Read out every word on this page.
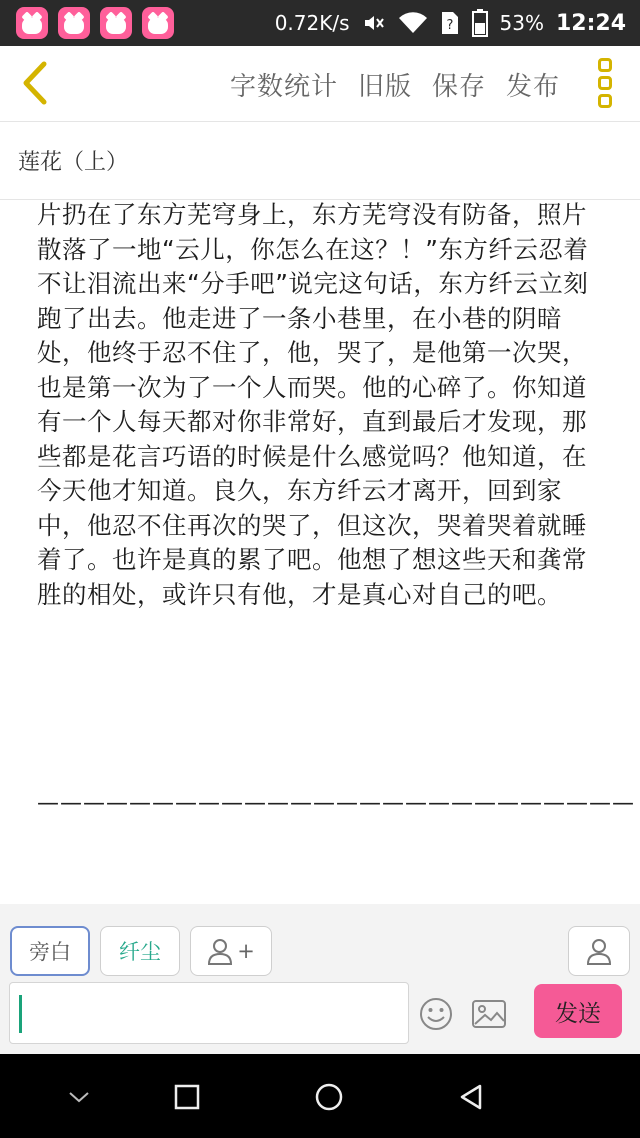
0.72K/s	? 53% 12:24
字数统计 旧版 保存 发布
莲花（上）
片扔在了东方芜穹身上，东方芜穹没有防备，照片散落了一地“云儿，你怎么在这？！”东方纤云忍着不让泪流出来“分手吧”说完这句话，东方纤云立刻跑了出去。他走进了一条小巷里，在小巷的阴暗处，他终于忍不住了，他，哭了，是他第一次哭，也是第一次为了一个人而哭。他的心碎了。你知道有一个人每天都对你非常好，直到最后才发现，那些都是花言巧语的时候是什么感觉吗？他知道，在今天他才知道。良久，东方纤云才离开，回到家中，他忍不住再次的哭了，但这次，哭着哭着就睡着了。也许是真的累了吧。他想了想这些天和龚常胜的相处，或许只有他，才是真心对自己的吧。
——————————————————————————
旁白	纤尘	+
发送
